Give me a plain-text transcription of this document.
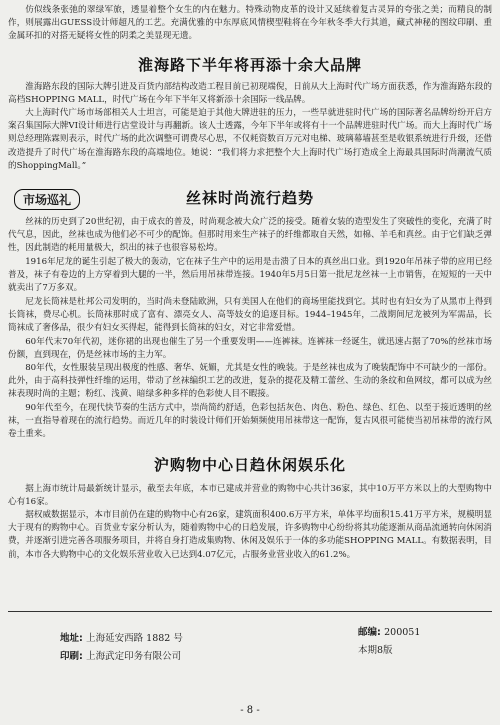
仿似线条张弛的翠绿军旅，透显着整个女生的内在魅力。特殊动物皮革的设计又延续着复古灵异的夸张之美；而精良的制作，则展露出GUESS设计师超凡的工艺。充满优雅的中东厚底风情楔型鞋将在今年秋冬季大行其道，藏式神秘的图纹印刷、重金属环扣的对搭无疑将女性的阴柔之美显现无遗。

淮海路下半年将再添十余大品牌

淮海路东段的国际大牌引进及百货内部结构改造工程目前已初现端倪，日前从大上海时代广场方面获悉，作为淮海路东段的高档SHOPPING MALL，时代广场在今年下半年又将新添十余国际一线品牌。

大上海时代广场市场部相关人士坦言，可能是迫于其他大牌进驻的压力，一些早就进驻时代广场的国际著名品牌纷纷开启方案召集国际大牌VI设计师进行店堂设计与再翻新。该人士透露，今年下半年或将有十一个品牌进驻时代广场。而大上海时代广场则总经理陈霖则表示，时代广场的此次调整可谓费尽心思，不仅耗资数百万元对电梯、玻璃幕墙甚至是收银系统进行升级，还借改造提升了时代广场在淮海路东段的高端地位。她说：“我们将力求把整个大上海时代广场打造成全上海最具国际时尚潮流气质的ShoppingMall。”

市场巡礼	丝袜时尚流行趋势

丝袜的历史到了20世纪初，由于成衣的普及，时尚观念被大众广泛的接受。随着女装的造型发生了突破性的变化，充满了时代气息，因此，丝袜也成为他们必不可少的配饰。但那时用来生产袜子的纤维都取自天然，如棉、羊毛和真丝。由于它们缺乏弹性，因此制造的耗用量极大，织出的袜子也很容易松垮。

1916年尼龙的诞生引起了极大的轰动，它在袜子生产中的运用是击溃了日本的真丝出口业。到1920年吊袜子带的应用已经普及，袜子有卷边的上方穿着到大腿的一半，然后用吊袜带连接。1940年5月5日第一批尼龙丝袜一上市销售，在短短的一天中就卖出了7万多双。

尼龙长筒袜是杜邦公司发明的，当时尚未登陆欧洲，只有美国人在他们的商场里能找到它。其时也有妇女为了从黑市上得到长筒袜，费尽心机。长筒袜那时成了富有、漂亮女人、高等妓女的追逐目标。1944–1945年，二战期间尼龙被列为军需品，长筒袜成了奢侈品，很少有妇女买得起，能得到长筒袜的妇女，对它非常爱惜。

80年代，女性服装呈现出极度的性感、奢华、妩媚，尤其是女性的晚装。于是丝袜也成为了晚装配饰中不可缺少的一部份。此外，由于高科技弹性纤维的运用，带动了丝袜编织工艺的改进，复杂的提花及精工蕾丝、生动的条纹和鱼网纹，都可以成为丝袜表现时尚的主题；粉红、浅黄、暗绿多种多样的色彩使人目不暇接。

60年代末70年代初，迷你裙的出现也催生了另一个重要发明——连裤袜。连裤袜一经诞生，就迅速占据了70%的丝袜市场份额，直到现在，仍是丝袜市场的主力军。

90年代至今，在现代快节奏的生活方式中，崇尚简约舒适，色彩包括灰色、肉色、粉色、绿色、红色、以至于接近透明的丝袜，一直指导着现在的流行趋势。而近几年的时装设计师们开始频频使用吊袜带这一配饰，复古风很可能使当初吊袜带的流行风卷土重来。

沪购物中心日趋休闲娱乐化

据上海市统计局最新统计显示，截至去年底，本市已建成并营业的购物中心共计36家，其中10万平方米以上的大型购物中心有16家。

据权威数据显示，本市目前仍在建的购物中心有26家，建筑面积400.6万平方米，单体平均面积15.41万平方米，规模明显大于现有的购物中心。百货业专家分析认为，随着购物中心的日趋发展，许多购物中心纷纷将其功能逐渐从商品流通转向休闲消费，并逐渐引进完善各项服务项目，并将自身打造成集购物、休闲及娱乐于一体的多功能SHOPPING MALL。有数据表明，目前，本市各大购物中心的文化娱乐营业收入已达到4.07亿元，占服务业营业收入的61.2%。

地址: 上海延安西路 1882 号
印刷: 上海武定印务有限公司
邮编: 200051
本期8版
- 8 -
